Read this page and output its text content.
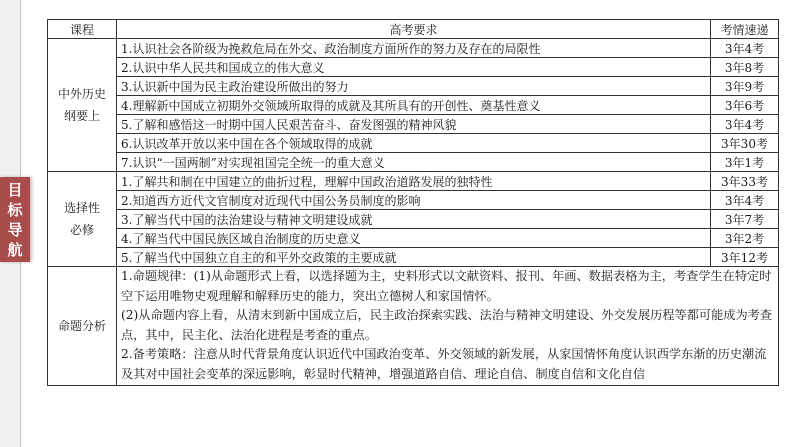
目
标
导
航
课程	高考要求	考情速递

中外历史
纲要上	1.认识社会各阶级为挽救危局在外交、政治制度方面所作的努力及存在的局限性	3年4考
	2.认识中华人民共和国成立的伟大意义	3年8考
	3.认识新中国为民主政治建设所做出的努力	3年9考
	4.理解新中国成立初期外交领域所取得的成就及其所具有的开创性、奠基性意义	3年6考
	5.了解和感悟这一时期中国人民艰苦奋斗、奋发图强的精神风貌	3年4考
	6.认识改革开放以来中国在各个领域取得的成就	3年30考
	7.认识“一国两制”对实现祖国完全统一的重大意义	3年1考

选择性
必修	1.了解共和制在中国建立的曲折过程，理解中国政治道路发展的独特性	3年33考
	2.知道西方近代文官制度对近现代中国公务员制度的影响	3年4考
	3.了解当代中国的法治建设与精神文明建设成就	3年7考
	4.了解当代中国民族区域自治制度的历史意义	3年2考
	5.了解当代中国独立自主的和平外交政策的主要成就	3年12考
命题分析	1.命题规律：(1)从命题形式上看，以选择题为主，史料形式以文献资料、报刊、年画、数据表格为主，考查学生在特定时空下运用唯物史观理解和解释历史的能力，突出立德树人和家国情怀。

(2)从命题内容上看，从清末到新中国成立后，民主政治探索实践、法治与精神文明建设、外交发展历程等都可能成为考查点，其中，民主化、法治化进程是考查的重点。

2.备考策略：注意从时代背景角度认识近代中国政治变革、外交领域的新发展，从家国情怀角度认识西学东渐的历史潮流及其对中国社会变革的深远影响，彰显时代精神，增强道路自信、理论自信、制度自信和文化自信	
